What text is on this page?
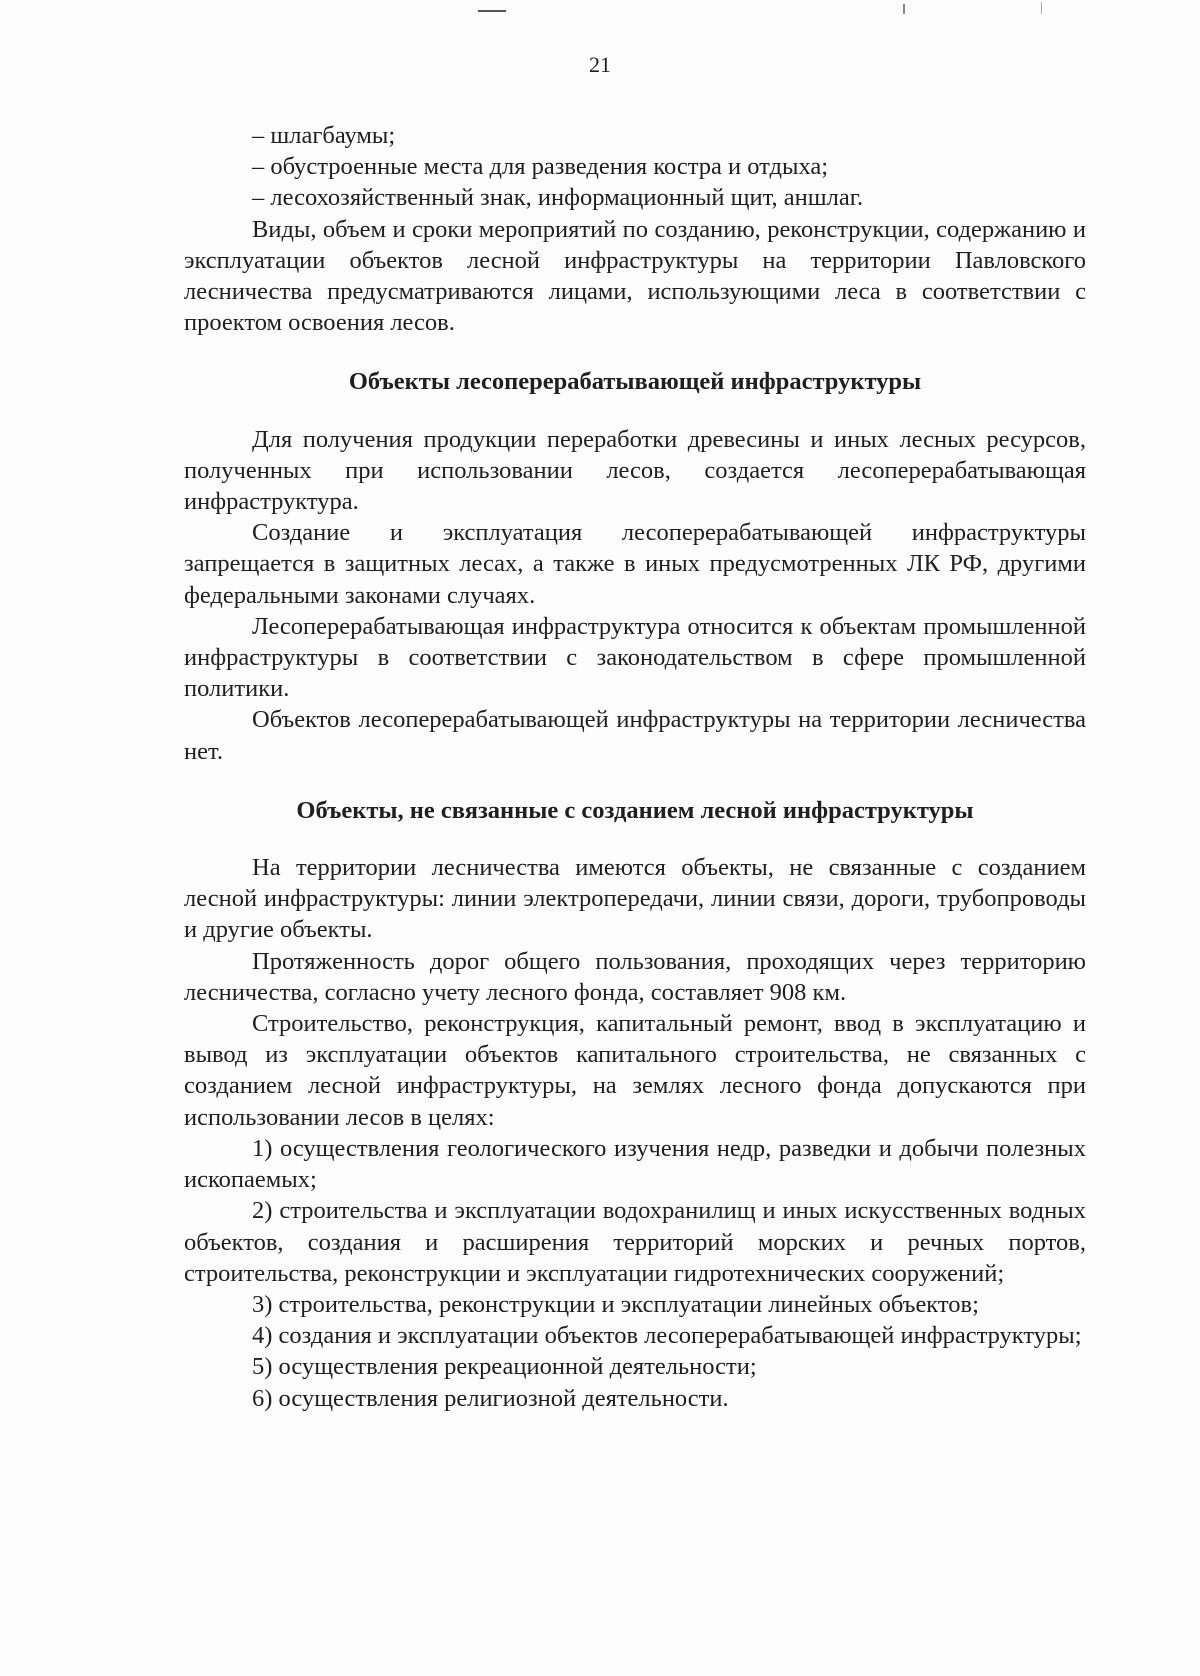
21

– шлагбаумы;

– обустроенные места для разведения костра и отдыха;

– лесохозяйственный знак, информационный щит, аншлаг.

Виды, объем и сроки мероприятий по созданию, реконструкции, содержанию и эксплуатации объектов лесной инфраструктуры на территории Павловского лесничества предусматриваются лицами, использующими леса в соответствии с проектом освоения лесов.

Объекты лесоперерабатывающей инфраструктуры

Для получения продукции переработки древесины и иных лесных ресурсов, полученных при использовании лесов, создается лесоперерабатывающая инфраструктура.

Создание и эксплуатация лесоперерабатывающей инфраструктуры запрещается в защитных лесах, а также в иных предусмотренных ЛК РФ, другими федеральными законами случаях.

Лесоперерабатывающая инфраструктура относится к объектам промышленной инфраструктуры в соответствии с законодательством в сфере промышленной политики.

Объектов лесоперерабатывающей инфраструктуры на территории лесничества нет.

Объекты, не связанные с созданием лесной инфраструктуры

На территории лесничества имеются объекты, не связанные с созданием лесной инфраструктуры: линии электропередачи, линии связи, дороги, трубопроводы и другие объекты.

Протяженность дорог общего пользования, проходящих через территорию лесничества, согласно учету лесного фонда, составляет 908 км.

Строительство, реконструкция, капитальный ремонт, ввод в эксплуатацию и вывод из эксплуатации объектов капитального строительства, не связанных с созданием лесной инфраструктуры, на землях лесного фонда допускаются при использовании лесов в целях:

1) осуществления геологического изучения недр, разведки и добычи полезных ископаемых;

2) строительства и эксплуатации водохранилищ и иных искусственных водных объектов, создания и расширения территорий морских и речных портов, строительства, реконструкции и эксплуатации гидротехнических сооружений;

3) строительства, реконструкции и эксплуатации линейных объектов;

4) создания и эксплуатации объектов лесоперерабатывающей инфраструктуры;

5) осуществления рекреационной деятельности;

6) осуществления религиозной деятельности.
